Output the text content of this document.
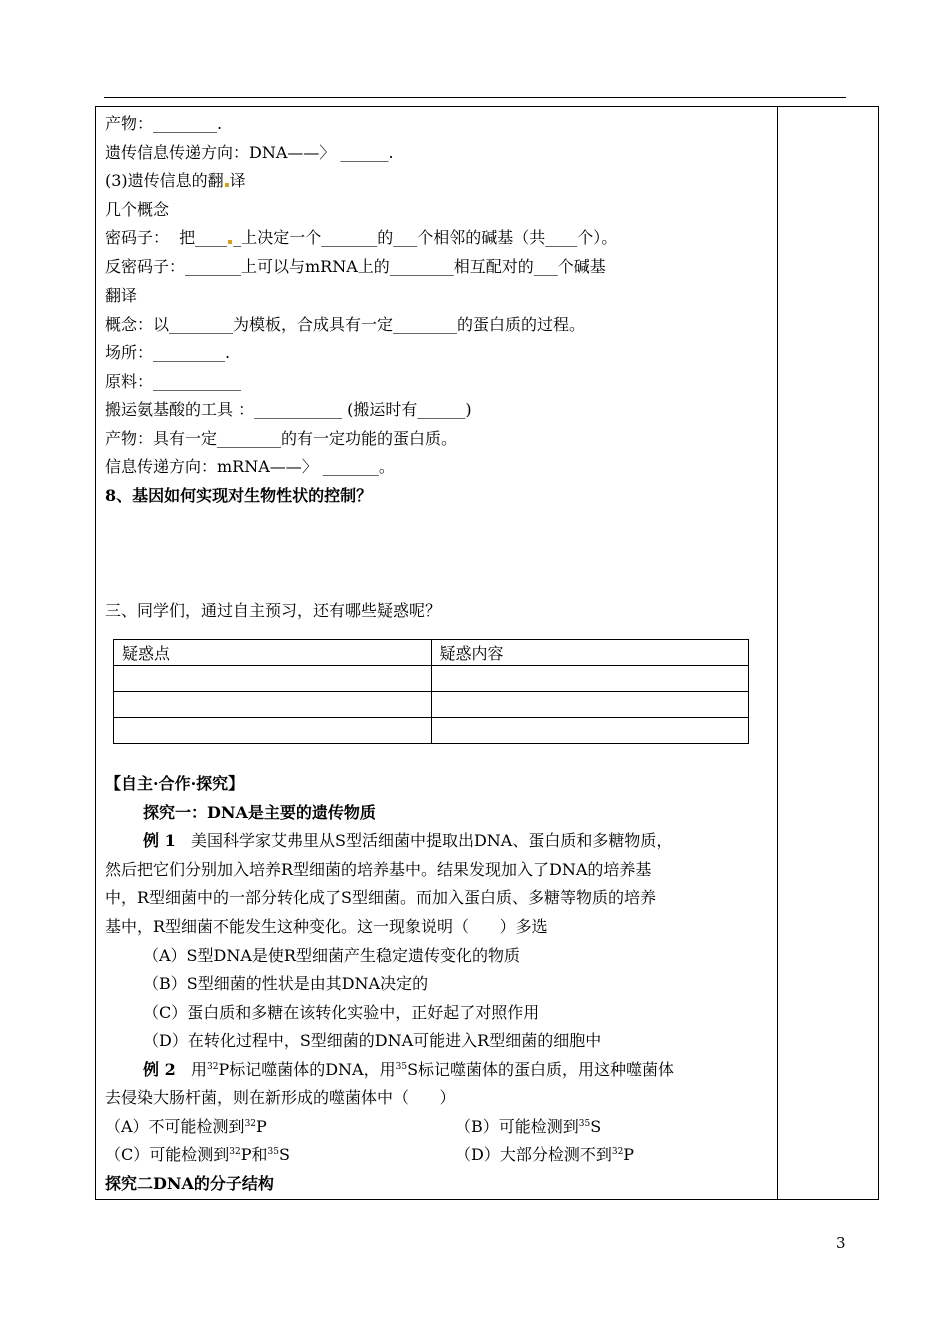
产物：________.
遗传信息传递方向：DNA——〉 ______.
(3)遗传信息的翻 译
几个概念
密码子：  把____ _上决定一个_______的___个相邻的碱基（共____个）。
反密码子：_______上可以与mRNA上的________相互配对的___个碱基
翻译
概念：以________为模板，合成具有一定________的蛋白质的过程。
场所：_________.
原料：___________
搬运氨基酸的工具 ：___________ (搬运时有______)
产物：具有一定________的有一定功能的蛋白质。
信息传递方向：mRNA——〉 _______。
8、基因如何实现对生物性状的控制？
三、同学们，通过自主预习，还有哪些疑惑呢？
疑惑点	疑惑内容

【自主·合作·探究】
探究一：DNA是主要的遗传物质
例 1 美国科学家艾弗里从S型活细菌中提取出DNA、蛋白质和多糖物质，
然后把它们分别加入培养R型细菌的培养基中。结果发现加入了DNA的培养基
中，R型细菌中的一部分转化成了S型细菌。而加入蛋白质、多糖等物质的培养
基中，R型细菌不能发生这种变化。这一现象说明（      ）多选
（A）S型DNA是使R型细菌产生稳定遗传变化的物质
（B）S型细菌的性状是由其DNA决定的
（C）蛋白质和多糖在该转化实验中，正好起了对照作用
（D）在转化过程中，S型细菌的DNA可能进入R型细菌的细胞中
例 2 用$^{32}$P标记噬菌体的DNA，用$^{35}$S标记噬菌体的蛋白质，用这种噬菌体
去侵染大肠杆菌，则在新形成的噬菌体中（      ）
（A）不可能检测到$^{32}$P	（B）可能检测到$^{35}$S
（C）可能检测到$^{32}$P和$^{35}$S	（D）大部分检测不到$^{32}$P
探究二DNA的分子结构
3
